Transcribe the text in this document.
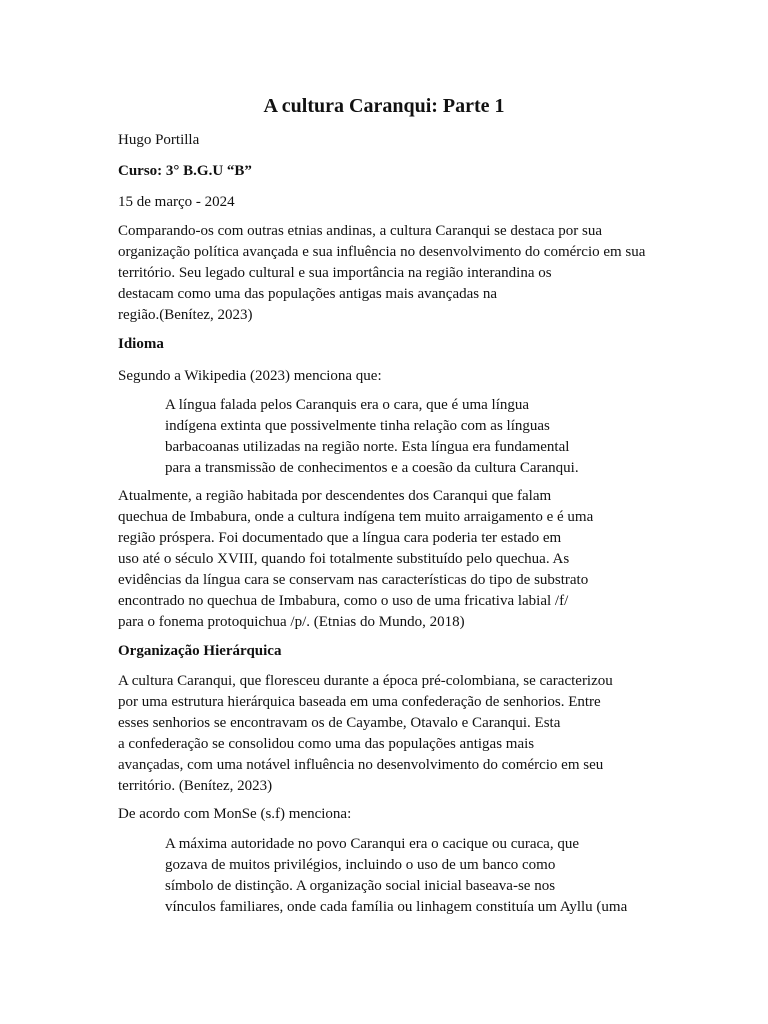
A cultura Caranqui: Parte 1

Hugo Portilla

Curso: 3° B.G.U “B”

15 de março - 2024

Comparando-os com outras etnias andinas, a cultura Caranqui se destaca por sua
organização política avançada e sua influência no desenvolvimento do comércio em sua
território. Seu legado cultural e sua importância na região interandina os
destacam como uma das populações antigas mais avançadas na
região.(Benítez, 2023)

Idioma

Segundo a Wikipedia (2023) menciona que:

A língua falada pelos Caranquis era o cara, que é uma língua
indígena extinta que possivelmente tinha relação com as línguas
barbacoanas utilizadas na região norte. Esta língua era fundamental
para a transmissão de conhecimentos e a coesão da cultura Caranqui.
Atualmente, a região habitada por descendentes dos Caranqui que falam
quechua de Imbabura, onde a cultura indígena tem muito arraigamento e é uma
região próspera. Foi documentado que a língua cara poderia ter estado em
uso até o século XVIII, quando foi totalmente substituído pelo quechua. As
evidências da língua cara se conservam nas características do tipo de substrato
encontrado no quechua de Imbabura, como o uso de uma fricativa labial /f/
para o fonema protoquichua /p/. (Etnias do Mundo, 2018)

Organização Hierárquica

A cultura Caranqui, que floresceu durante a época pré-colombiana, se caracterizou
por uma estrutura hierárquica baseada em uma confederação de senhorios. Entre
esses senhorios se encontravam os de Cayambe, Otavalo e Caranqui. Esta
a confederação se consolidou como uma das populações antigas mais
avançadas, com uma notável influência no desenvolvimento do comércio em seu
território. (Benítez, 2023)

De acordo com MonSe (s.f) menciona:

A máxima autoridade no povo Caranqui era o cacique ou curaca, que
gozava de muitos privilégios, incluindo o uso de um banco como
símbolo de distinção. A organização social inicial baseava-se nos
vínculos familiares, onde cada família ou linhagem constituía um Ayllu (uma
